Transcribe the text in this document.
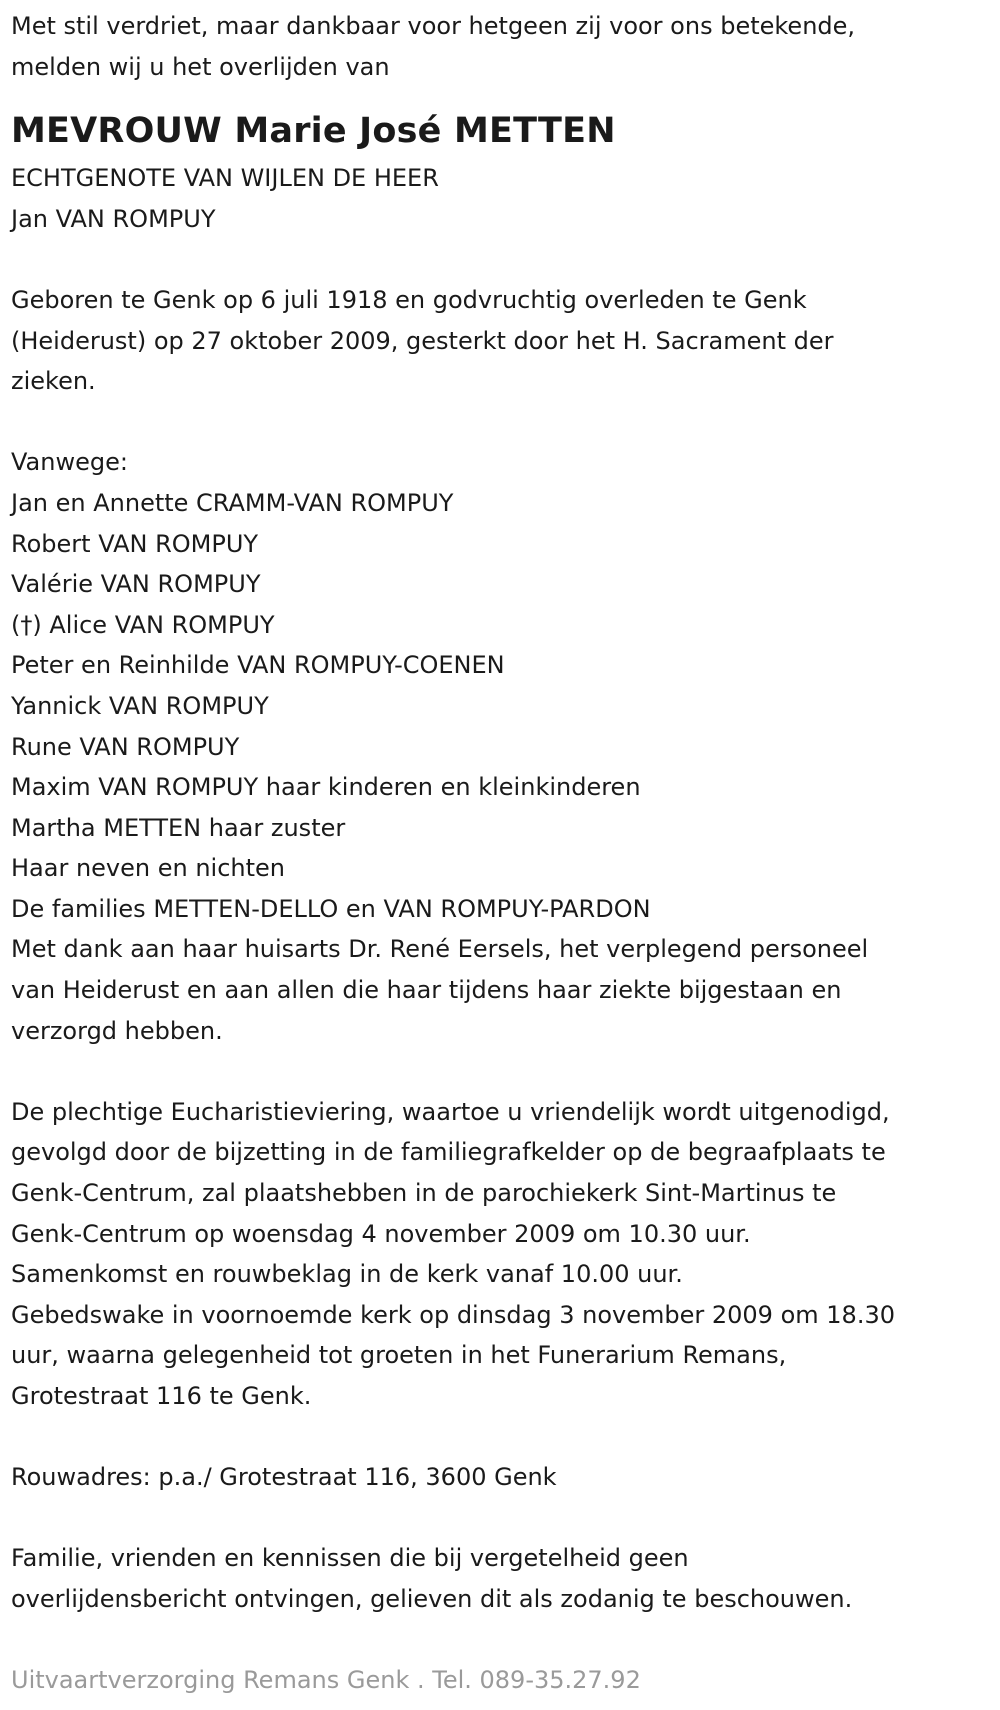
Met stil verdriet, maar dankbaar voor hetgeen zij voor ons betekende,
melden wij u het overlijden van
MEVROUW Marie José METTEN
ECHTGENOTE VAN WIJLEN DE HEER
Jan VAN ROMPUY
Geboren te Genk op 6 juli 1918 en godvruchtig overleden te Genk
(Heiderust) op 27 oktober 2009, gesterkt door het H. Sacrament der
zieken.
Vanwege:
Jan en Annette CRAMM-VAN ROMPUY
Robert VAN ROMPUY
Valérie VAN ROMPUY
(†) Alice VAN ROMPUY
Peter en Reinhilde VAN ROMPUY-COENEN
Yannick VAN ROMPUY
Rune VAN ROMPUY
Maxim VAN ROMPUY haar kinderen en kleinkinderen
Martha METTEN haar zuster
Haar neven en nichten
De families METTEN-DELLO en VAN ROMPUY-PARDON
Met dank aan haar huisarts Dr. René Eersels, het verplegend personeel
van Heiderust en aan allen die haar tijdens haar ziekte bijgestaan en
verzorgd hebben.
De plechtige Eucharistieviering, waartoe u vriendelijk wordt uitgenodigd,
gevolgd door de bijzetting in de familiegrafkelder op de begraafplaats te
Genk-Centrum, zal plaatshebben in de parochiekerk Sint-Martinus te
Genk-Centrum op woensdag 4 november 2009 om 10.30 uur.
Samenkomst en rouwbeklag in de kerk vanaf 10.00 uur.
Gebedswake in voornoemde kerk op dinsdag 3 november 2009 om 18.30
uur, waarna gelegenheid tot groeten in het Funerarium Remans,
Grotestraat 116 te Genk.
Rouwadres: p.a./ Grotestraat 116, 3600 Genk
Familie, vrienden en kennissen die bij vergetelheid geen
overlijdensbericht ontvingen, gelieven dit als zodanig te beschouwen.
Uitvaartverzorging Remans Genk . Tel. 089-35.27.92
